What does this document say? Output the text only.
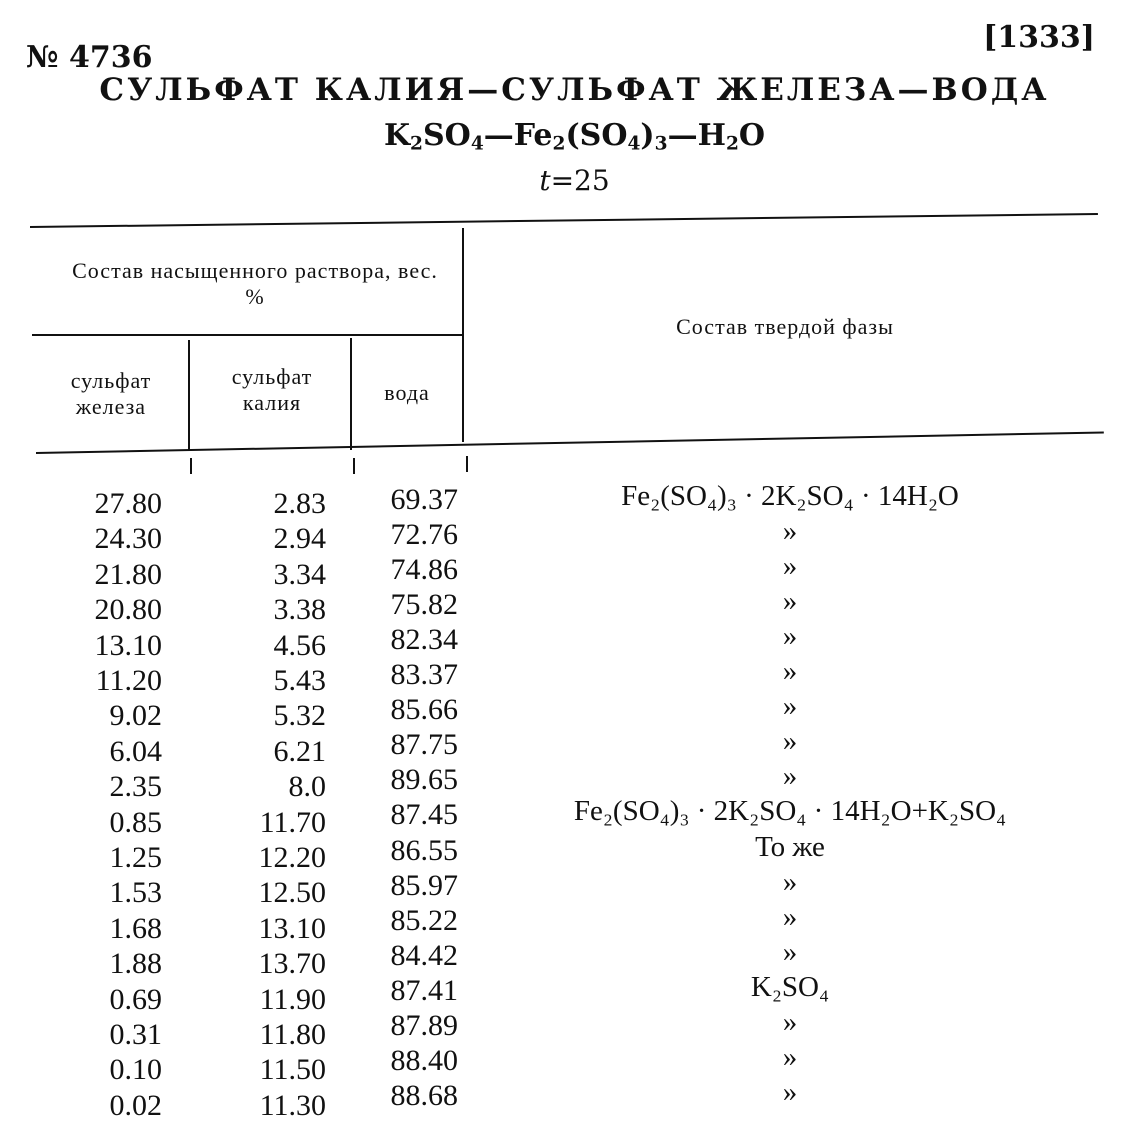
№ 4736
[1333]
СУЛЬФАТ КАЛИЯ—СУЛЬФАТ ЖЕЛЕЗА—ВОДА
$K_2SO_4—Fe_2(SO_4)_3—H_2O$
t=25
Состав насыщенного раствора, вес. %
сульфат железа
сульфат калия	вода
Состав твердой фазы
27.80	2.83	69.37	Fe₂(SO₄)₃ · 2K₂SO₄ · 14H₂O
24.30	2.94	72.76	»
21.80	3.34	74.86	»
20.80	3.38	75.82	»
13.10	4.56	82.34	»
11.20	5.43	83.37	»
9.02	5.32	85.66	»
6.04	6.21	87.75	»
2.35	8.0	89.65	»
0.85	11.70	87.45	Fe₂(SO₄)₃ · 2K₂SO₄ · 14H₂O+K₂SO₄
1.25	12.20	86.55	То же
1.53	12.50	85.97	»
1.68	13.10	85.22	»
1.88	13.70	84.42	»
0.69	11.90	87.41	K₂SO₄
0.31	11.80	87.89	»
0.10	11.50	88.40	»
0.02	11.30	88.68	»
